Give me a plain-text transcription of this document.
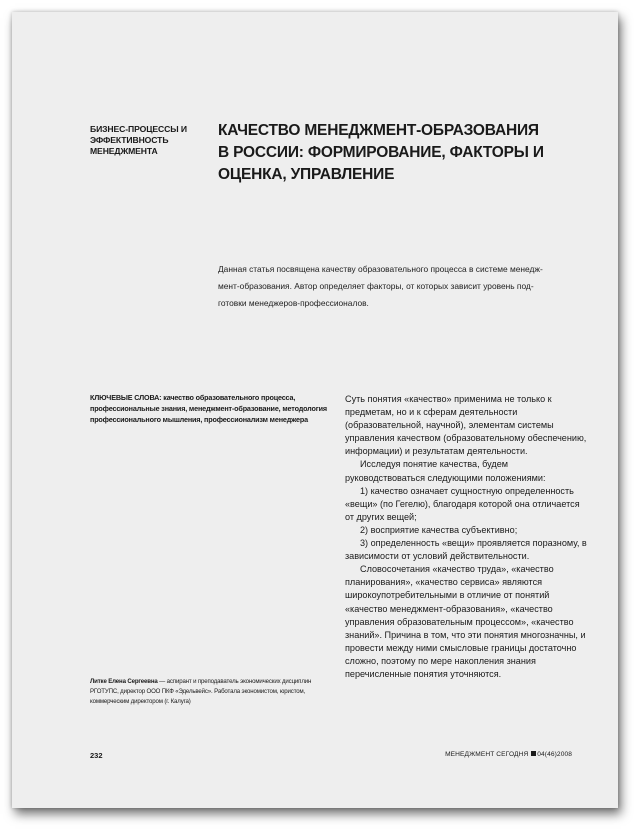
БИЗНЕС-ПРОЦЕССЫ И
ЭФФЕКТИВНОСТЬ
МЕНЕДЖМЕНТА
КАЧЕСТВО МЕНЕДЖМЕНТ-ОБРАЗОВАНИЯ
В РОССИИ: ФОРМИРОВАНИЕ, ФАКТОРЫ И
ОЦЕНКА, УПРАВЛЕНИЕ
Данная статья посвящена качеству образовательного процесса в системе менедж-
мент-образования. Автор определяет факторы, от которых зависит уровень под-
готовки менеджеров-профессионалов.
КЛЮЧЕВЫЕ СЛОВА: качество образовательного процесса, профессиональные знания, менеджмент-образование, методология профессионального мышления, профессионализм менеджера
Литке Елена Сергеевна — аспирант и преподаватель экономических дисциплин РГОТУПС, директор ООО ПКФ «Эдельвейс». Работала экономистом, юристом, коммерческим директором (г. Калуга)

Суть понятия «качество» применима не только к предметам, но и к сферам деятельности (образовательной, научной), элементам системы управления качеством (образовательному обеспечению, информации) и результатам деятельности.

Исследуя понятие качества, будем руководствоваться следующими положениями:

1) качество означает сущностную определенность «вещи» (по Гегелю), благодаря которой она отличается от других вещей;

2) восприятие качества субъективно;

3) определенность «вещи» проявляется поразному, в зависимости от условий действительности.

Словосочетания «качество труда», «качество планирования», «качество сервиса» являются широкоупотребительными в отличие от понятий «качество менеджмент-образования», «качество управления образовательным процессом», «качество знаний». Причина в том, что эти понятия многозначны, и провести между ними смысловые границы достаточно сложно, поэтому по мере накопления знания перечисленные понятия уточняются.

232	МЕНЕДЖМЕНТ СЕГОДНЯ 04(46)2008
